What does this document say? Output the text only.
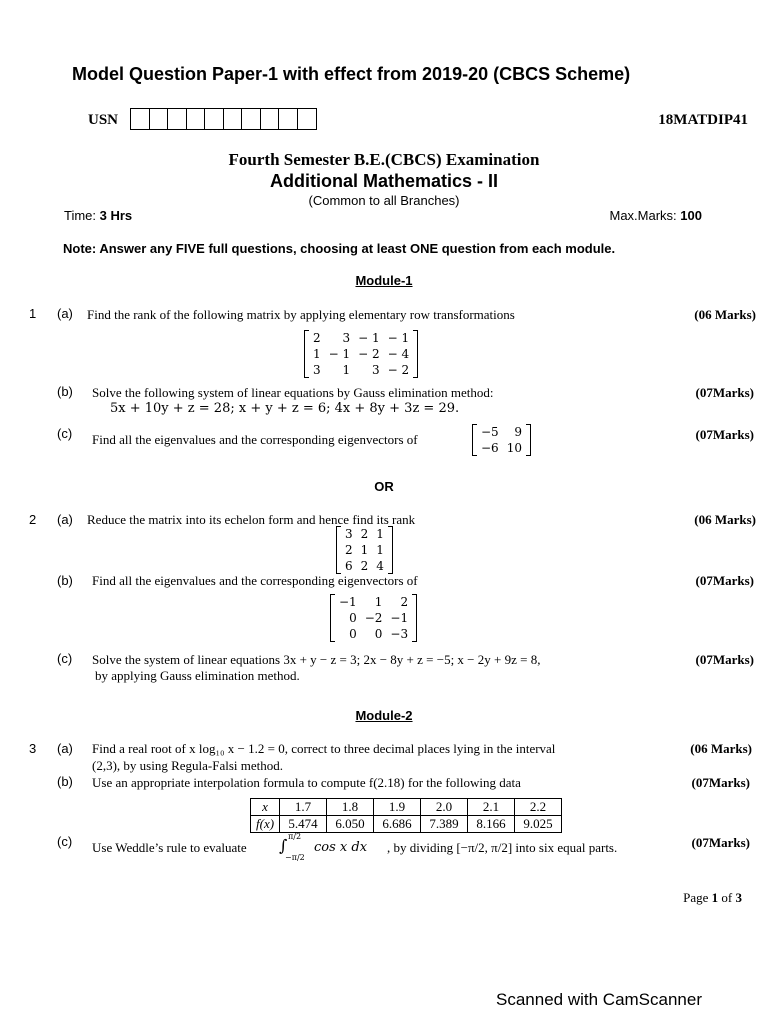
Model Question Paper-1 with effect from 2019-20 (CBCS Scheme)
USN	18MATDIP41
Fourth Semester B.E.(CBCS) Examination
Additional Mathematics - II
(Common to all Branches)
Time: 3 Hrs	Max.Marks: 100
Note: Answer any FIVE full questions, choosing at least ONE question from each module.
Module-1
1 (a) Find the rank of the following matrix by applying elementary row transformations	(06 Marks)
2	3	− 1	− 1
1	− 1	− 2	− 4
3	1	3	− 2
(b) Solve the following system of linear equations by Gauss elimination method:
5x + 10y + z = 28; x + y + z = 6; 4x + 8y + 3z = 29.
(07Marks)
(c) Find all the eigenvalues and the corresponding eigenvectors of	−5	9
−6	10
(07Marks)
OR
2 (a) Reduce the matrix into its echelon form and hence find its rank	(06 Marks)
3	2	1
2	1	1
6	2	4
(b) Find all the eigenvalues and the corresponding eigenvectors of	(07Marks)
−1	1	2
0	−2	−1
0	0	−3
(c) Solve the system of linear equations 3x + y − z = 3; 2x − 8y + z = −5; x − 2y + 9z = 8,
by applying Gauss elimination method.
(07Marks)
Module-2
3 (a) Find a real root of x log₁₀ x − 1.2 = 0, correct to three decimal places lying in the interval
(2,3), by using Regula-Falsi method.
(06 Marks)
(b) Use an appropriate interpolation formula to compute f(2.18) for the following data	(07Marks)
x	1.7	1.8	1.9	2.0	2.1	2.2
f(x)	5.474	6.050	6.686	7.389	8.166	9.025
(c) Use Weddle’s rule to evaluate ∫ π/2
−π/2
cos x dx , by dividing [−π/2, π/2] into six equal parts.	(07Marks)
Page 1 of 3
Scanned with CamScanner
